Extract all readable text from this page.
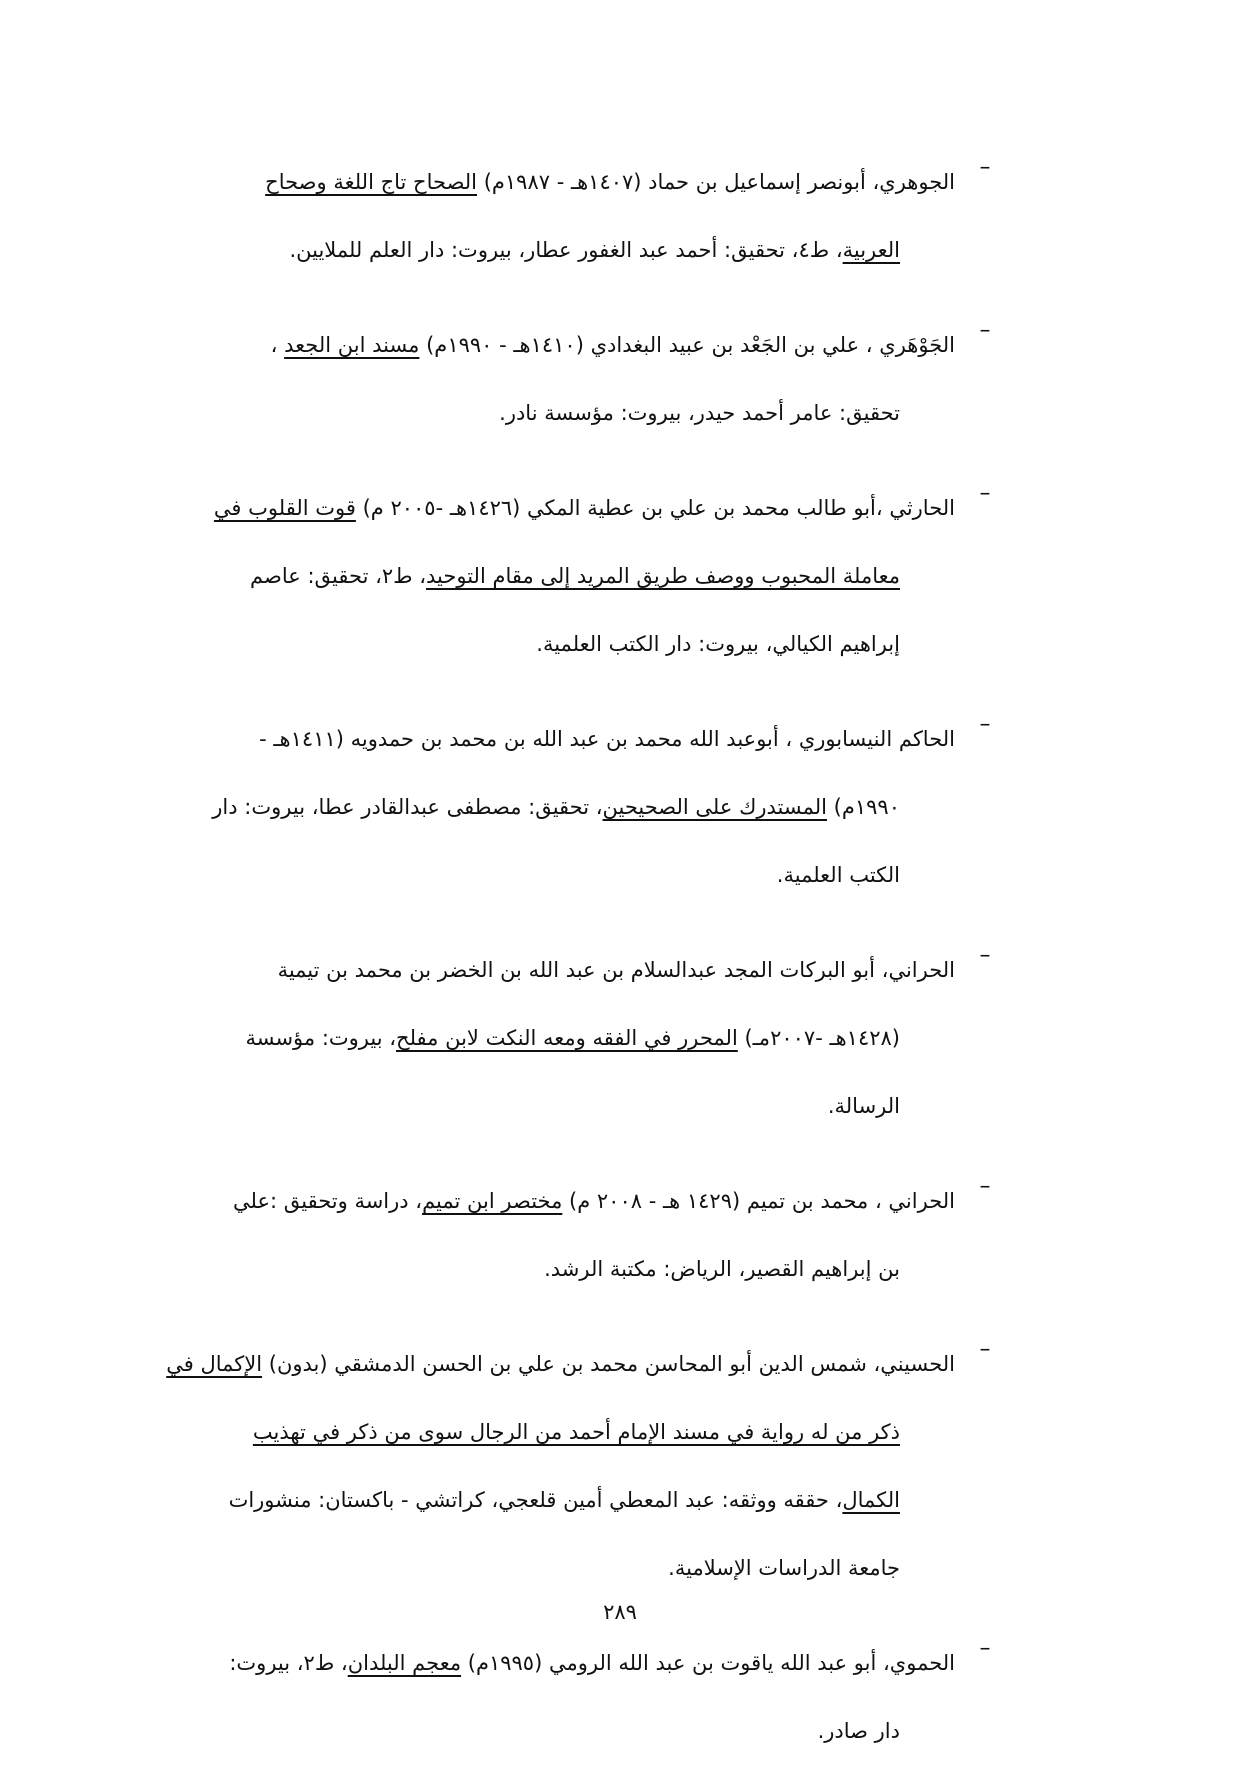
–
الجوهري، أبونصر إسماعيل بن حماد (١٤٠٧هـ - ١٩٨٧م) الصحاح تاج اللغة وصحاح
العربية، ط٤، تحقيق: أحمد عبد الغفور عطار، بيروت: دار العلم للملايين.
–
الجَوْهَري ، علي بن الجَعْد بن عبيد البغدادي (١٤١٠هـ - ١٩٩٠م) مسند ابن الجعد ،
تحقيق: عامر أحمد حيدر، بيروت: مؤسسة نادر.
–
الحارثي ،أبو طالب محمد بن علي بن عطية المكي (١٤٢٦هـ -٢٠٠٥ م) قوت القلوب في
معاملة المحبوب ووصف طريق المريد إلى مقام التوحيد، ط٢، تحقيق: عاصم
إبراهيم الكيالي، بيروت: دار الكتب العلمية.
–
الحاكم النيسابوري ، أبوعبد الله محمد بن عبد الله بن محمد بن حمدويه (١٤١١هـ -
١٩٩٠م) المستدرك على الصحيحين، تحقيق: مصطفى عبدالقادر عطا، بيروت: دار
الكتب العلمية.
–
الحراني، أبو البركات المجد عبدالسلام بن عبد الله بن الخضر بن محمد بن تيمية
(١٤٢٨هـ -٢٠٠٧مـ) المحرر في الفقه ومعه النكت لابن مفلح، بيروت: مؤسسة
الرسالة.
–
الحراني ، محمد بن تميم (١٤٢٩ هـ - ٢٠٠٨ م) مختصر ابن تميم، دراسة وتحقيق :علي
بن إبراهيم القصير، الرياض: مكتبة الرشد.
–
الحسيني، شمس الدين أبو المحاسن محمد بن علي بن الحسن الدمشقي (بدون) الإكمال في
ذكر من له رواية في مسند الإمام أحمد من الرجال سوى من ذكر في تهذيب
الكمال، حققه ووثقه: عبد المعطي أمين قلعجي، كراتشي - باكستان: منشورات
جامعة الدراسات الإسلامية.
–
الحموي، أبو عبد الله ياقوت بن عبد الله الرومي (١٩٩٥م) معجم البلدان، ط٢، بيروت:
دار صادر.
٢٨٩
